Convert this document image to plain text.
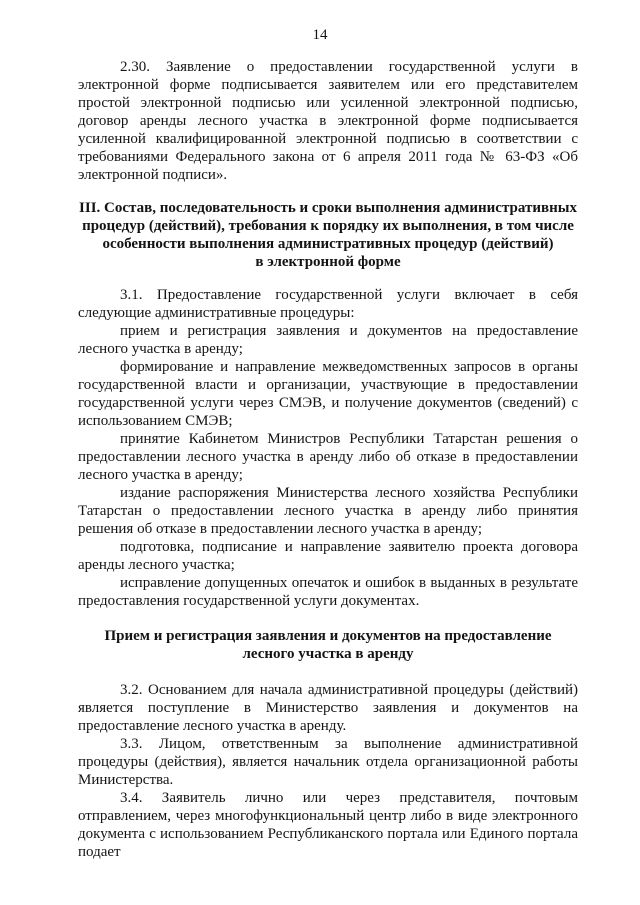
14

2.30. Заявление о предоставлении государственной услуги в электронной форме подписывается заявителем или его представителем простой электронной подписью или усиленной электронной подписью, договор аренды лесного участка в электронной форме подписывается усиленной квалифицированной электронной подписью в соответствии с требованиями Федерального закона от 6 апреля 2011 года № 63-ФЗ «Об электронной подписи».

III. Состав, последовательность и сроки выполнения административных
процедур (действий), требования к порядку их выполнения, в том числе
особенности выполнения административных процедур (действий)
в электронной форме

3.1. Предоставление государственной услуги включает в себя следующие административные процедуры:

прием и регистрация заявления и документов на предоставление лесного участка в аренду;

формирование и направление межведомственных запросов в органы государственной власти и организации, участвующие в предоставлении государственной услуги через СМЭВ, и получение документов (сведений) с использованием СМЭВ;

принятие Кабинетом Министров Республики Татарстан решения о предоставлении лесного участка в аренду либо об отказе в предоставлении лесного участка в аренду;

издание распоряжения Министерства лесного хозяйства Республики Татарстан о предоставлении лесного участка в аренду либо принятия решения об отказе в предоставлении лесного участка в аренду;

подготовка, подписание и направление заявителю проекта договора аренды лесного участка;

исправление допущенных опечаток и ошибок в выданных в результате предоставления государственной услуги документах.

Прием и регистрация заявления и документов на предоставление
лесного участка в аренду

3.2. Основанием для начала административной процедуры (действий) является поступление в Министерство заявления и документов на предоставление лесного участка в аренду.

3.3. Лицом, ответственным за выполнение административной процедуры (действия), является начальник отдела организационной работы Министерства.

3.4. Заявитель лично или через представителя, почтовым отправлением, через многофункциональный центр либо в виде электронного документа с использованием Республиканского портала или Единого портала подает
